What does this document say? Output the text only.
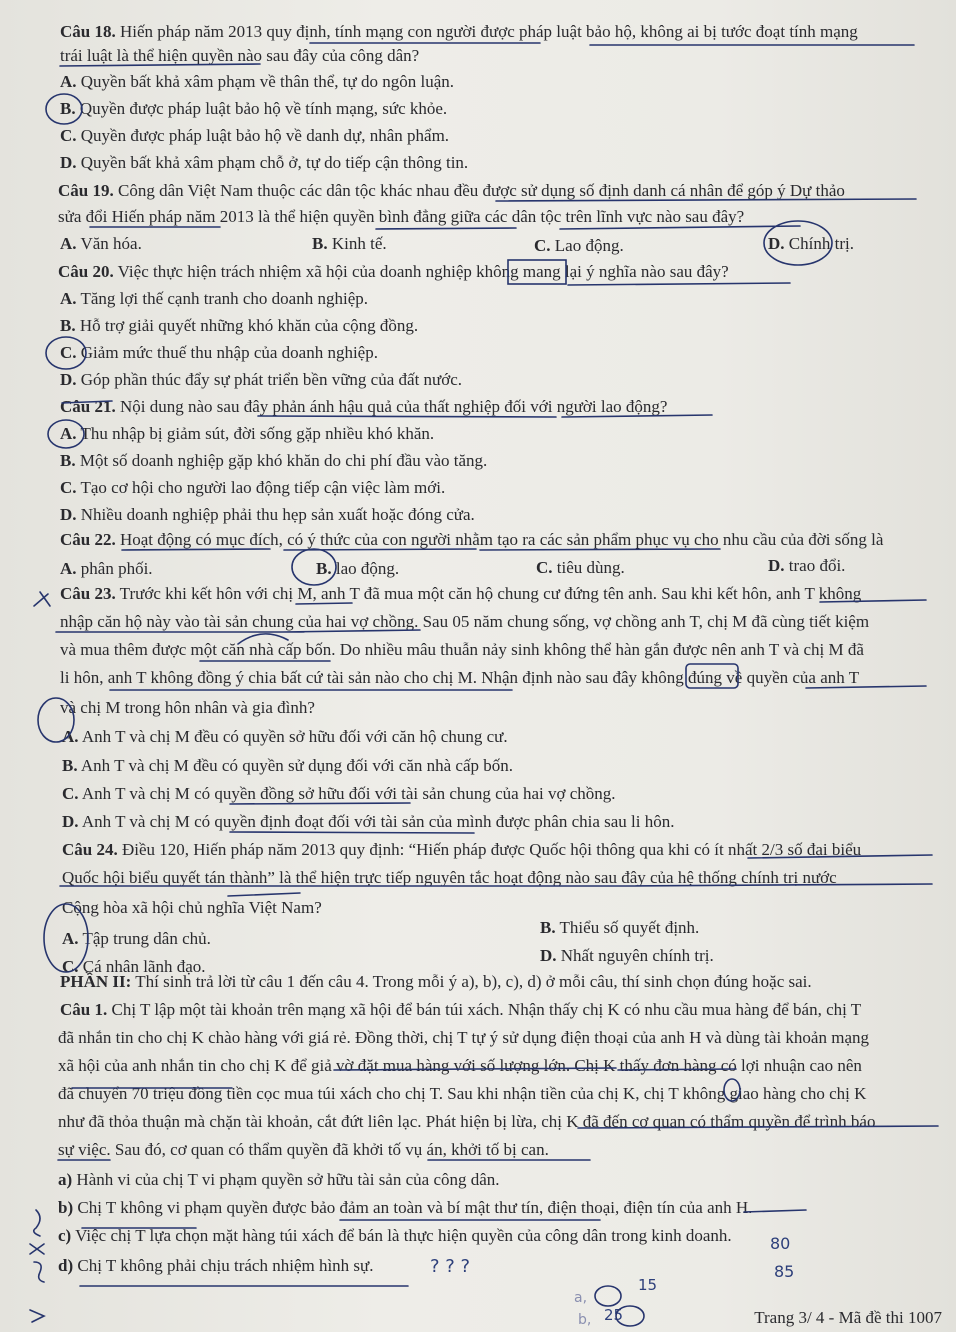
Câu 18. Hiến pháp năm 2013 quy định, tính mạng con người được pháp luật bảo hộ, không ai bị tước đoạt tính mạng
trái luật là thể hiện quyền nào sau đây của công dân?
A. Quyền bất khả xâm phạm về thân thể, tự do ngôn luận.
B. Quyền được pháp luật bảo hộ về tính mạng, sức khỏe.
C. Quyền được pháp luật bảo hộ về danh dự, nhân phẩm.
D. Quyền bất khả xâm phạm chỗ ở, tự do tiếp cận thông tin.
Câu 19. Công dân Việt Nam thuộc các dân tộc khác nhau đều được sử dụng số định danh cá nhân để góp ý Dự thảo
sửa đổi Hiến pháp năm 2013 là thể hiện quyền bình đẳng giữa các dân tộc trên lĩnh vực nào sau đây?
A. Văn hóa.	B. Kinh tế.	C. Lao động.	D. Chính trị.
Câu 20. Việc thực hiện trách nhiệm xã hội của doanh nghiệp không mang lại ý nghĩa nào sau đây?
A. Tăng lợi thế cạnh tranh cho doanh nghiệp.
B. Hỗ trợ giải quyết những khó khăn của cộng đồng.
C. Giảm mức thuế thu nhập của doanh nghiệp.
D. Góp phần thúc đẩy sự phát triển bền vững của đất nước.
Câu 21. Nội dung nào sau đây phản ánh hậu quả của thất nghiệp đối với người lao động?
A. Thu nhập bị giảm sút, đời sống gặp nhiều khó khăn.
B. Một số doanh nghiệp gặp khó khăn do chi phí đầu vào tăng.
C. Tạo cơ hội cho người lao động tiếp cận việc làm mới.
D. Nhiều doanh nghiệp phải thu hẹp sản xuất hoặc đóng cửa.
Câu 22. Hoạt động có mục đích, có ý thức của con người nhằm tạo ra các sản phẩm phục vụ cho nhu cầu của đời sống là
A. phân phối.	B. lao động.	C. tiêu dùng.	D. trao đổi.
Câu 23. Trước khi kết hôn với chị M, anh T đã mua một căn hộ chung cư đứng tên anh. Sau khi kết hôn, anh T không
nhập căn hộ này vào tài sản chung của hai vợ chồng. Sau 05 năm chung sống, vợ chồng anh T, chị M đã cùng tiết kiệm
và mua thêm được một căn nhà cấp bốn. Do nhiều mâu thuẫn nảy sinh không thể hàn gắn được nên anh T và chị M đã
li hôn, anh T không đồng ý chia bất cứ tài sản nào cho chị M. Nhận định nào sau đây không đúng về quyền của anh T
và chị M trong hôn nhân và gia đình?
A. Anh T và chị M đều có quyền sở hữu đối với căn hộ chung cư.
B. Anh T và chị M đều có quyền sử dụng đối với căn nhà cấp bốn.
C. Anh T và chị M có quyền đồng sở hữu đối với tài sản chung của hai vợ chồng.
D. Anh T và chị M có quyền định đoạt đối với tài sản của mình được phân chia sau li hôn.
Câu 24. Điều 120, Hiến pháp năm 2013 quy định: “Hiến pháp được Quốc hội thông qua khi có ít nhất 2/3 số đại biểu
Quốc hội biểu quyết tán thành” là thể hiện trực tiếp nguyên tắc hoạt động nào sau đây của hệ thống chính trị nước
Cộng hòa xã hội chủ nghĩa Việt Nam?
A. Tập trung dân chủ.
B. Thiểu số quyết định.
C. Cá nhân lãnh đạo.
D. Nhất nguyên chính trị.
PHẦN II: Thí sinh trả lời từ câu 1 đến câu 4. Trong mỗi ý a), b), c), d) ở mỗi câu, thí sinh chọn đúng hoặc sai.
Câu 1. Chị T lập một tài khoản trên mạng xã hội để bán túi xách. Nhận thấy chị K có nhu cầu mua hàng để bán, chị T
đã nhắn tin cho chị K chào hàng với giá rẻ. Đồng thời, chị T tự ý sử dụng điện thoại của anh H và dùng tài khoản mạng
xã hội của anh nhắn tin cho chị K để giả vờ đặt mua hàng với số lượng lớn. Chị K thấy đơn hàng có lợi nhuận cao nên
đã chuyển 70 triệu đồng tiền cọc mua túi xách cho chị T. Sau khi nhận tiền của chị K, chị T không giao hàng cho chị K
như đã thỏa thuận mà chặn tài khoản, cắt đứt liên lạc. Phát hiện bị lừa, chị K đã đến cơ quan có thẩm quyền để trình báo
sự việc. Sau đó, cơ quan có thẩm quyền đã khởi tố vụ án, khởi tố bị can.
a) Hành vi của chị T vi phạm quyền sở hữu tài sản của công dân.
b) Chị T không vi phạm quyền được bảo đảm an toàn và bí mật thư tín, điện thoại, điện tín của anh H.
c) Việc chị T lựa chọn mặt hàng túi xách để bán là thực hiện quyền của công dân trong kinh doanh.
d) Chị T không phải chịu trách nhiệm hình sự.	? ? ?
80
85
15
a,
b, 25	Trang 3/ 4 - Mã đề thi 1007
